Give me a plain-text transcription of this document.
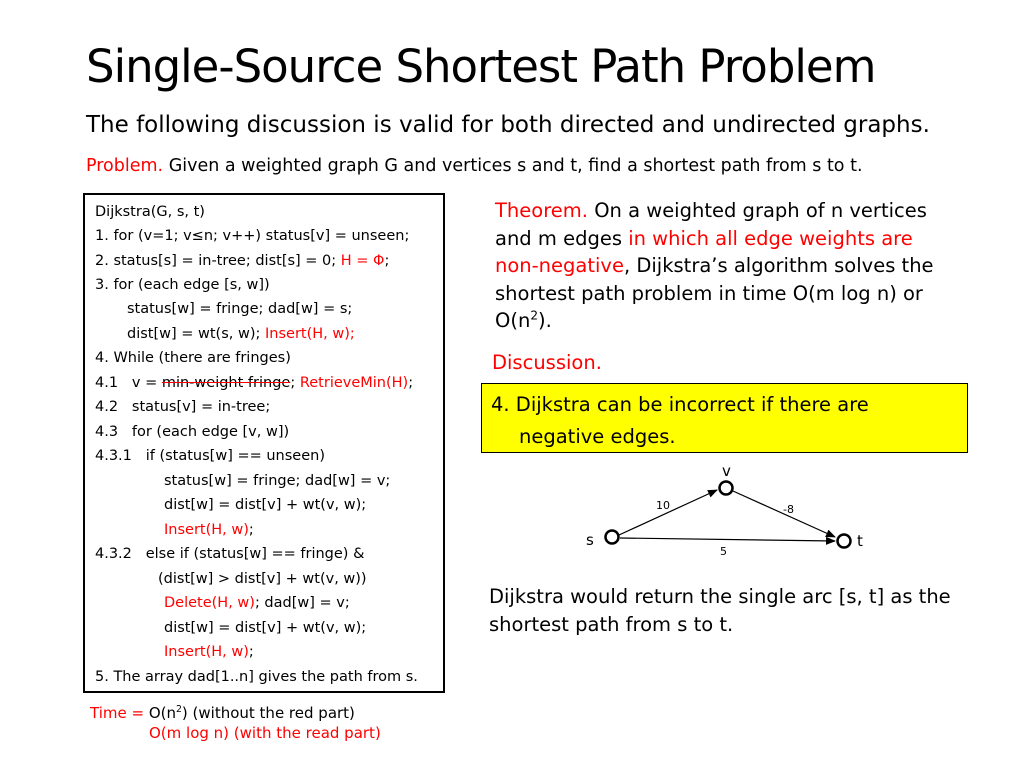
Single-Source Shortest Path Problem
The following discussion is valid for both directed and undirected graphs.
Problem. Given a weighted graph G and vertices s and t, find a shortest path from s to t.
Dijkstra(G, s, t)
1. for (v=1; v≤n; v++) status[v] = unseen;
2. status[s] = in-tree; dist[s] = 0; H = Φ;
3. for (each edge [s, w])
status[w] = fringe; dad[w] = s;
dist[w] = wt(s, w); Insert(H, w);
4. While (there are fringes)
4.1   v = min-weight fringe; RetrieveMin(H);
4.2   status[v] = in-tree;
4.3   for (each edge [v, w])
4.3.1   if (status[w] == unseen)
status[w] = fringe; dad[w] = v;
dist[w] = dist[v] + wt(v, w);
Insert(H, w);
4.3.2   else if (status[w] == fringe) &
(dist[w] > dist[v] + wt(v, w))
Delete(H, w); dad[w] = v;
dist[w] = dist[v] + wt(v, w);
Insert(H, w);
5. The array dad[1..n] gives the path from s.
Time = $O(n^2)$ (without the red part)
O(m log n) (with the read part)
Theorem. On a weighted graph of n vertices and m edges in which all edge weights are non-negative, Dijkstra’s algorithm solves the shortest path problem in time O(m log n) or $O(n^2)$.
Discussion.
4. Dijkstra can be incorrect if there are
negative edges.
s
v
t
10	-8
5
Dijkstra would return the single arc [s, t] as the shortest path from s to t.
